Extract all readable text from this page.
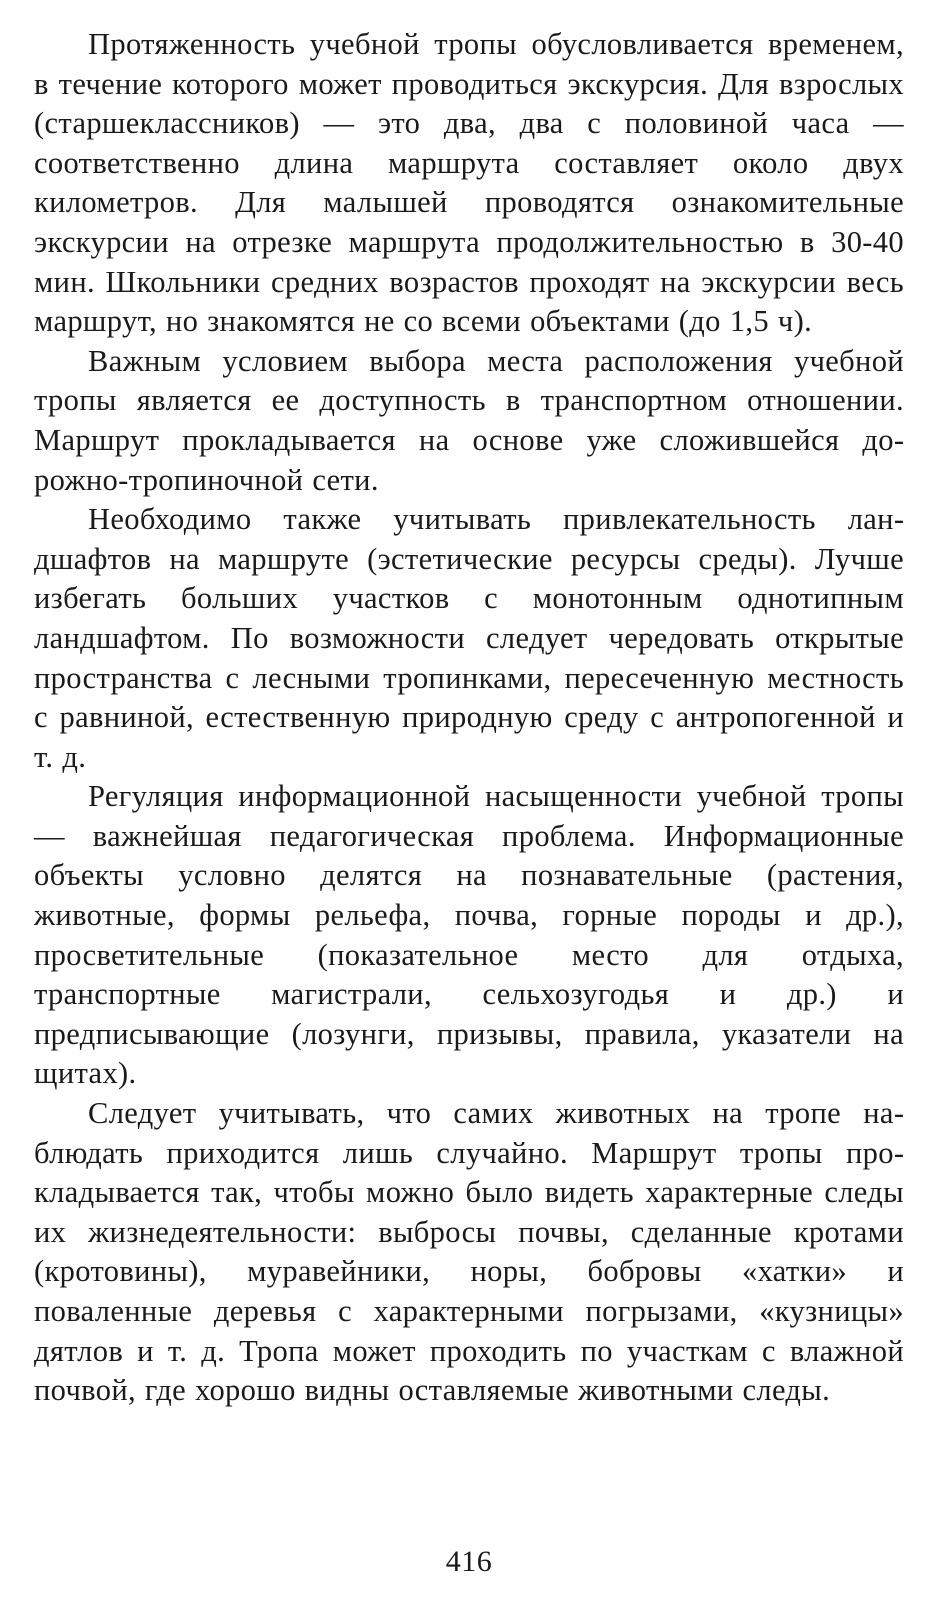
Протяженность учебной тропы обусловливается временем, в течение которого может проводиться экскурсия. Для взрослых (старшеклассников) — это два, два с половиной часа — соответственно длина маршрута составляет около двух километров. Для малышей проводятся ознакомительные экскурсии на отрезке маршрута продолжительностью в 30-40 мин. Школьники средних возрастов проходят на экскурсии весь маршрут, но знакомятся не со всеми объектами (до 1,5 ч).

Важным условием выбора места расположения учебной тропы является ее доступность в транспортном отношении. Маршрут прокладывается на основе уже сложившейся дорожно-тропиночной сети.

Необходимо также учитывать привлекательность ландшафтов на маршруте (эстетические ресурсы среды). Лучше избегать больших участков с монотонным однотипным ландшафтом. По возможности следует чередовать открытые пространства с лесными тропинками, пересеченную местность с равниной, естественную природную среду с антропогенной и т. д.

Регуляция информационной насыщенности учебной тропы — важнейшая педагогическая проблема. Информационные объекты условно делятся на познавательные (растения, животные, формы рельефа, почва, горные породы и др.), просветительные (показательное место для отдыха, транспортные магистрали, сельхозугодья и др.) и предписывающие (лозунги, призывы, правила, указатели на щитах).

Следует учитывать, что самих животных на тропе наблюдать приходится лишь случайно. Маршрут тропы прокладывается так, чтобы можно было видеть характерные следы их жизнедеятельности: выбросы почвы, сделанные кротами (кротовины), муравейники, норы, бобровы «хатки» и поваленные деревья с характерными погрызами, «кузницы» дятлов и т. д. Тропа может проходить по участкам с влажной почвой, где хорошо видны оставляемые животными следы.

416
